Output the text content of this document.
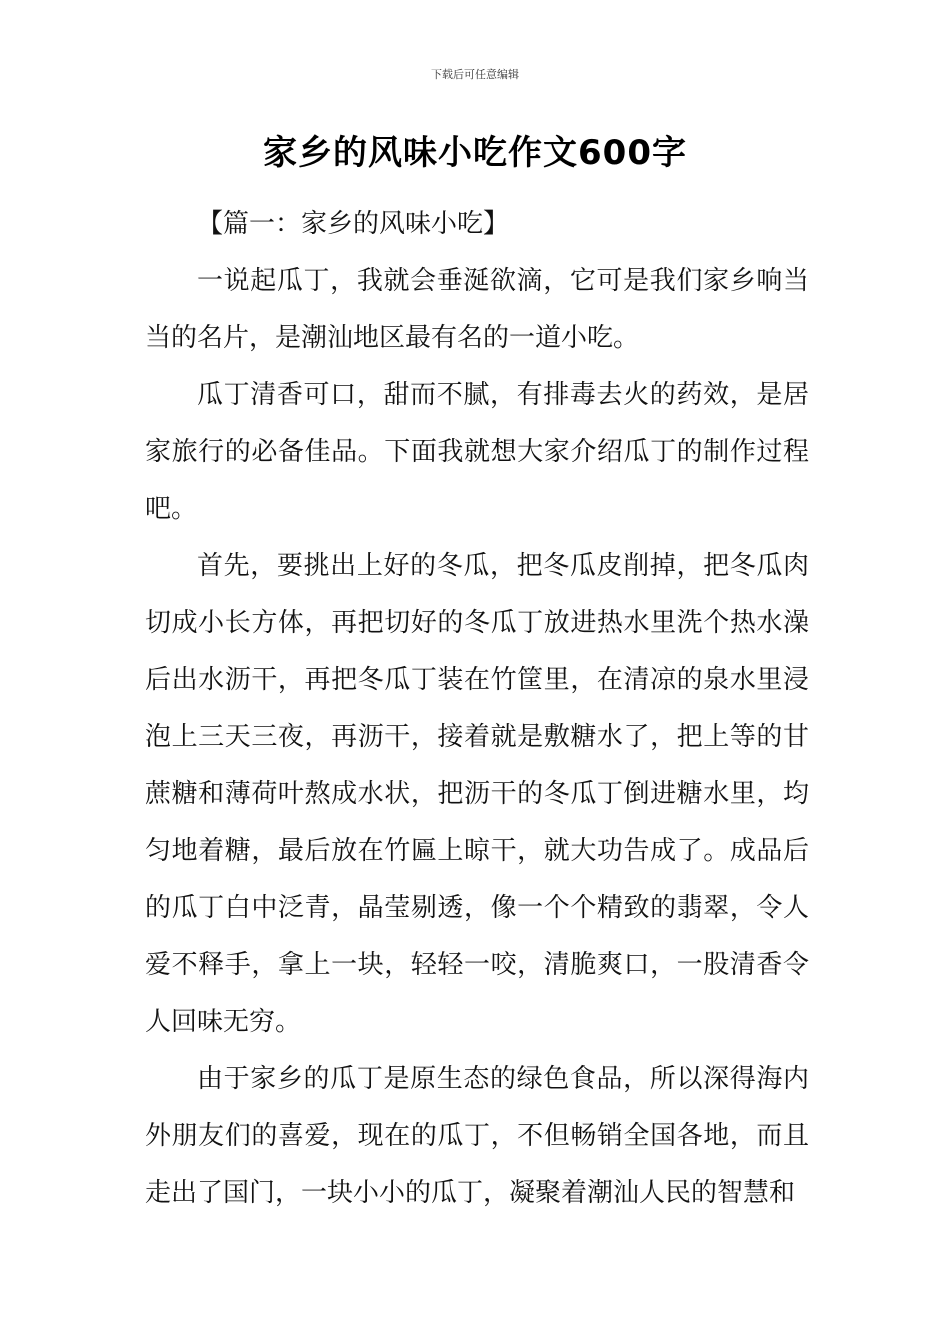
下载后可任意编辑
家乡的风味小吃作文600字

【篇一：家乡的风味小吃】

一说起瓜丁，我就会垂涎欲滴，它可是我们家乡响当当的名片，是潮汕地区最有名的一道小吃。

瓜丁清香可口，甜而不腻，有排毒去火的药效，是居家旅行的必备佳品。下面我就想大家介绍瓜丁的制作过程吧。

首先，要挑出上好的冬瓜，把冬瓜皮削掉，把冬瓜肉切成小长方体，再把切好的冬瓜丁放进热水里洗个热水澡后出水沥干，再把冬瓜丁装在竹筐里，在清凉的泉水里浸泡上三天三夜，再沥干，接着就是敷糖水了，把上等的甘蔗糖和薄荷叶熬成水状，把沥干的冬瓜丁倒进糖水里，均匀地着糖，最后放在竹匾上晾干，就大功告成了。成品后的瓜丁白中泛青，晶莹剔透，像一个个精致的翡翠，令人爱不释手，拿上一块，轻轻一咬，清脆爽口，一股清香令人回味无穷。

由于家乡的瓜丁是原生态的绿色食品，所以深得海内外朋友们的喜爱，现在的瓜丁，不但畅销全国各地，而且走出了国门，一块小小的瓜丁，凝聚着潮汕人民的智慧和
